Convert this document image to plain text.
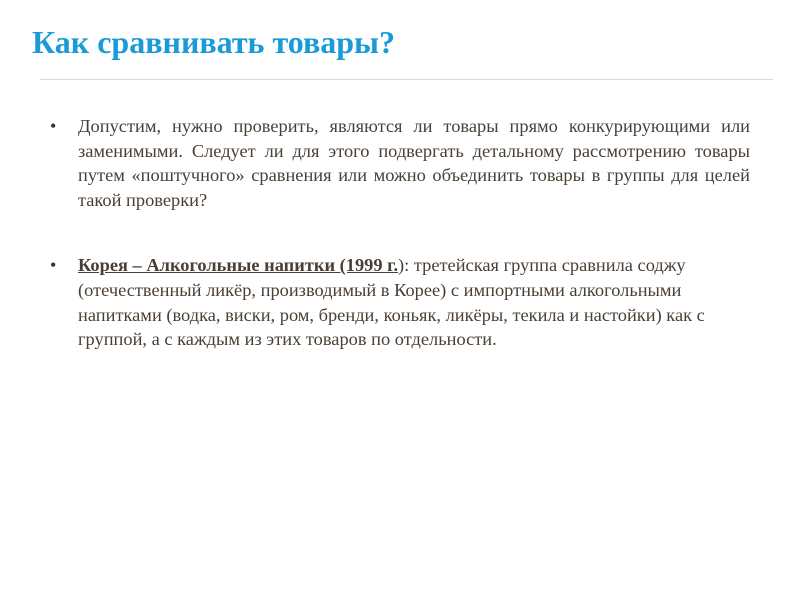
Как сравнивать товары?
• Допустим, нужно проверить, являются ли товары прямо конкурирующими или заменимыми. Следует ли для этого подвергать детальному рассмотрению товары путем «поштучного» сравнения или можно объединить товары в группы для целей такой проверки?
• Корея – Алкогольные напитки (1999 г.): третейская группа сравнила соджу (отечественный ликёр, производимый в Корее) с импортными алкогольными напитками (водка, виски, ром, бренди, коньяк, ликёры, текила и настойки) как с группой, а с каждым из этих товаров по отдельности.
